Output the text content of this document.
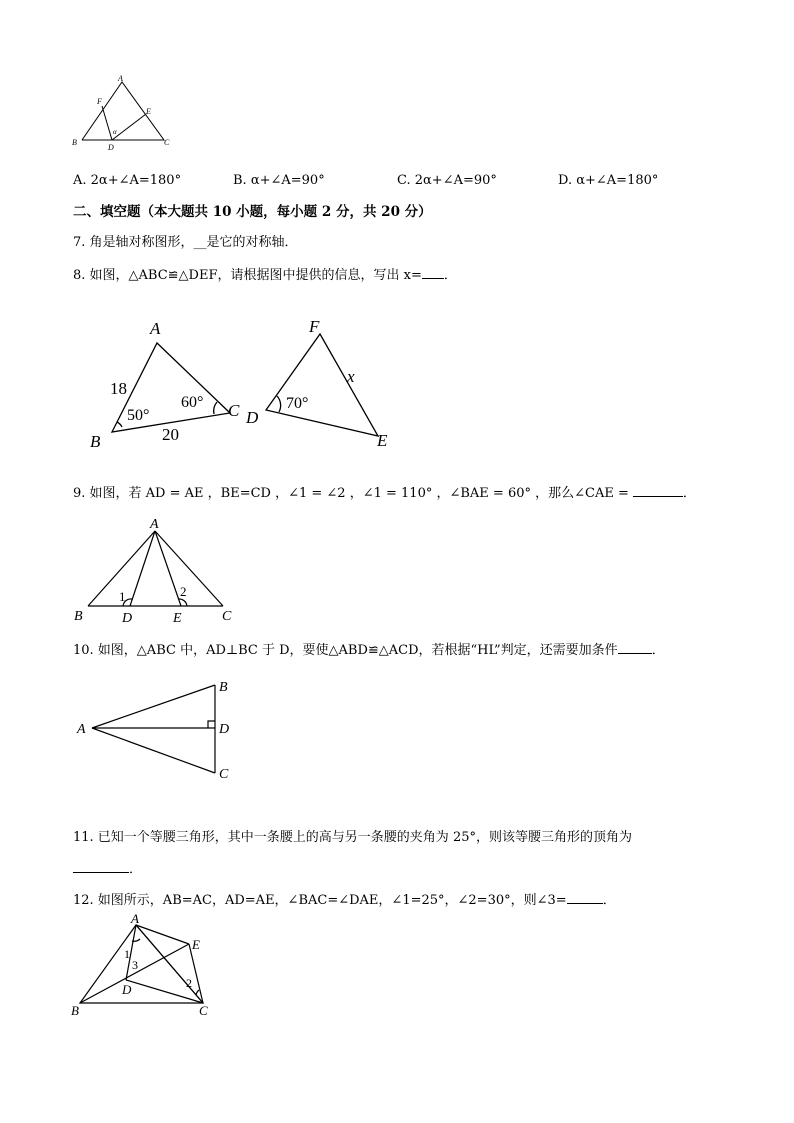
A
F
E
B
D
C
α
A. 2α+∠A=180°	B. α+∠A=90°	C. 2α+∠A=90°	D. α+∠A=180°
二、填空题（本大题共 10 小题，每小题 2 分，共 20 分）
7. 角是轴对称图形，__是它的对称轴．
8. 如图，△ABC≌△DEF，请根据图中提供的信息，写出 x= ．
A
B
C D
F
E
18
20
50°
60°	70°
x
9. 如图，若 AD = AE ，BE=CD ，∠1 = ∠2 ，∠1 = 110° ，∠BAE = 60° ，那么∠CAE =	．
A
B	D	E	C
1	2
10. 如图，△ABC 中，AD⊥BC 于 D，要使△ABD≌△ACD，若根据“HL”判定，还需要加条件	．
A
B
D
C
11. 已知一个等腰三角形，其中一条腰上的高与另一条腰的夹角为 25°，则该等腰三角形的顶角为
．
12. 如图所示，AB=AC，AD=AE，∠BAC=∠DAE，∠1=25°，∠2=30°，则∠3=	．
A
E
B	C
D
1
3
2
